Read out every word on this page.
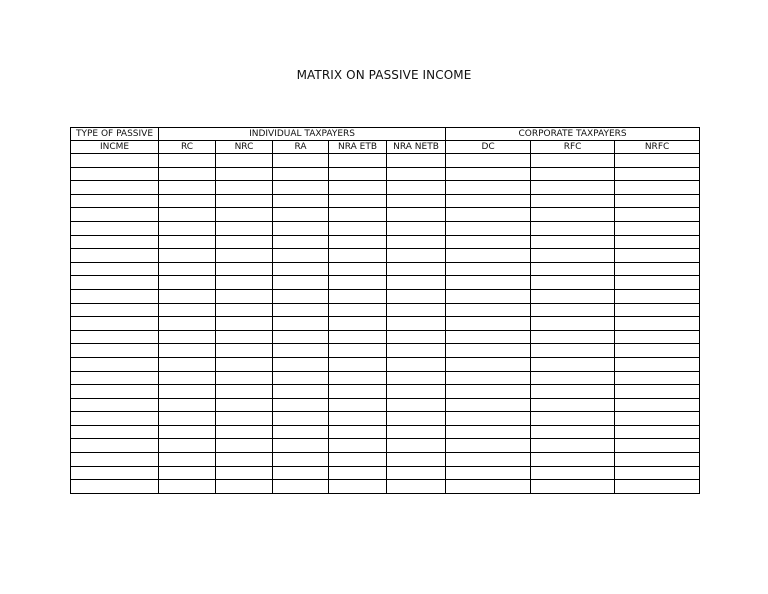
MATRIX ON PASSIVE INCOME
TYPE OF PASSIVE	INDIVIDUAL TAXPAYERS					CORPORATE TAXPAYERS		
INCME	RC	NRC	RA	NRA ETB	NRA NETB	DC	RFC	NRFC
